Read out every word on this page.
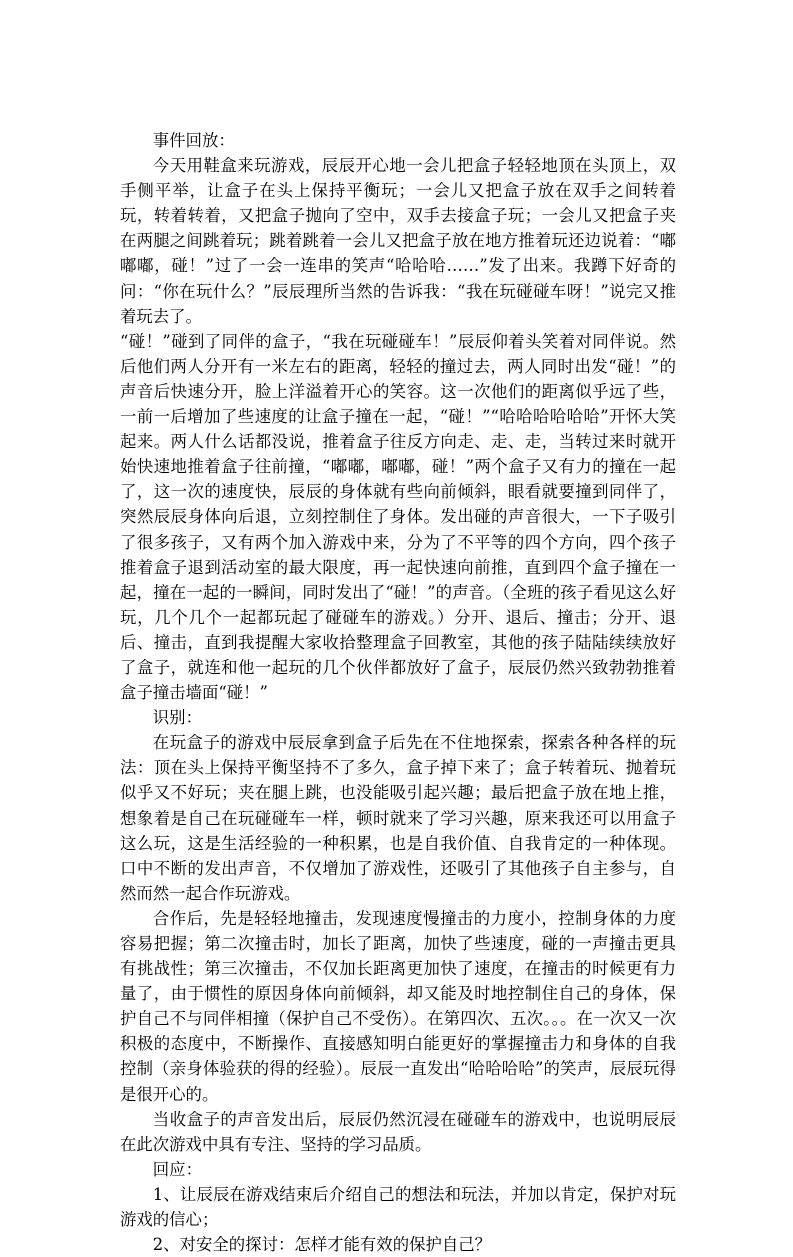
事件回放：

今天用鞋盒来玩游戏，辰辰开心地一会儿把盒子轻轻地顶在头顶上，双手侧平举，让盒子在头上保持平衡玩；一会儿又把盒子放在双手之间转着玩，转着转着，又把盒子抛向了空中，双手去接盒子玩；一会儿又把盒子夹在两腿之间跳着玩；跳着跳着一会儿又把盒子放在地方推着玩还边说着：“嘟嘟嘟，碰！”过了一会一连串的笑声“哈哈哈……”发了出来。我蹲下好奇的问：“你在玩什么？”辰辰理所当然的告诉我：“我在玩碰碰车呀！”说完又推着玩去了。

“碰！”碰到了同伴的盒子，“我在玩碰碰车！”辰辰仰着头笑着对同伴说。然后他们两人分开有一米左右的距离，轻轻的撞过去，两人同时出发“碰！”的声音后快速分开，脸上洋溢着开心的笑容。这一次他们的距离似乎远了些，一前一后增加了些速度的让盒子撞在一起，“碰！”“哈哈哈哈哈哈”开怀大笑起来。两人什么话都没说，推着盒子往反方向走、走、走，当转过来时就开始快速地推着盒子往前撞，“嘟嘟，嘟嘟，碰！”两个盒子又有力的撞在一起了，这一次的速度快，辰辰的身体就有些向前倾斜，眼看就要撞到同伴了，突然辰辰身体向后退，立刻控制住了身体。发出碰的声音很大，一下子吸引了很多孩子，又有两个加入游戏中来，分为了不平等的四个方向，四个孩子推着盒子退到活动室的最大限度，再一起快速向前推，直到四个盒子撞在一起，撞在一起的一瞬间，同时发出了“碰！”的声音。（全班的孩子看见这么好玩，几个几个一起都玩起了碰碰车的游戏。）分开、退后、撞击；分开、退后、撞击，直到我提醒大家收拾整理盒子回教室，其他的孩子陆陆续续放好了盒子，就连和他一起玩的几个伙伴都放好了盒子，辰辰仍然兴致勃勃推着盒子撞击墙面“碰！”

识别：

在玩盒子的游戏中辰辰拿到盒子后先在不住地探索，探索各种各样的玩法：顶在头上保持平衡坚持不了多久，盒子掉下来了；盒子转着玩、抛着玩似乎又不好玩；夹在腿上跳，也没能吸引起兴趣；最后把盒子放在地上推，想象着是自己在玩碰碰车一样，顿时就来了学习兴趣，原来我还可以用盒子这么玩，这是生活经验的一种积累，也是自我价值、自我肯定的一种体现。口中不断的发出声音，不仅增加了游戏性，还吸引了其他孩子自主参与，自然而然一起合作玩游戏。

合作后，先是轻轻地撞击，发现速度慢撞击的力度小，控制身体的力度容易把握；第二次撞击时，加长了距离，加快了些速度，碰的一声撞击更具有挑战性；第三次撞击，不仅加长距离更加快了速度，在撞击的时候更有力量了，由于惯性的原因身体向前倾斜，却又能及时地控制住自己的身体，保护自己不与同伴相撞（保护自己不受伤）。在第四次、五次。。。在一次又一次积极的态度中，不断操作、直接感知明白能更好的掌握撞击力和身体的自我控制（亲身体验获的得的经验）。辰辰一直发出“哈哈哈哈”的笑声，辰辰玩得是很开心的。

当收盒子的声音发出后，辰辰仍然沉浸在碰碰车的游戏中，也说明辰辰在此次游戏中具有专注、坚持的学习品质。

回应：

1、让辰辰在游戏结束后介绍自己的想法和玩法，并加以肯定，保护对玩游戏的信心；

2、对安全的探讨：怎样才能有效的保护自己？
